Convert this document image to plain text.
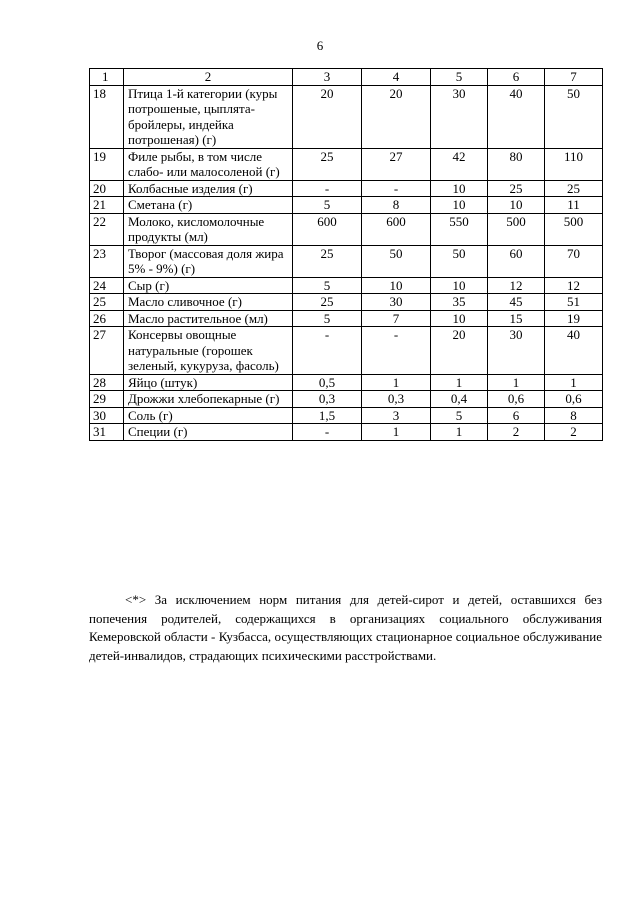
6
1	2	3	4	5	6	7
18	Птица 1-й категории (куры потрошеные, цыплята-бройлеры, индейка потрошеная) (г)	20	20	30	40	50
19	Филе рыбы, в том числе слабо- или малосоленой (г)	25	27	42	80	110
20	Колбасные изделия (г)	-	-	10	25	25
21	Сметана (г)	5	8	10	10	11
22	Молоко, кисломолочные продукты (мл)	600	600	550	500	500
23	Творог (массовая доля жира 5% - 9%) (г)	25	50	50	60	70
24	Сыр (г)	5	10	10	12	12
25	Масло сливочное (г)	25	30	35	45	51
26	Масло растительное (мл)	5	7	10	15	19
27	Консервы овощные натуральные (горошек зеленый, кукуруза, фасоль)	-	-	20	30	40
28	Яйцо (штук)	0,5	1	1	1	1
29	Дрожжи хлебопекарные (г)	0,3	0,3	0,4	0,6	0,6
30	Соль (г)	1,5	3	5	6	8
31	Специи (г)	-	1	1	2	2

<*> За исключением норм питания для детей-сирот и детей, оставшихся без попечения родителей, содержащихся в организациях социального обслуживания Кемеровской области - Кузбасса, осуществляющих стационарное социальное обслуживание детей-инвалидов, страдающих психическими расстройствами.
